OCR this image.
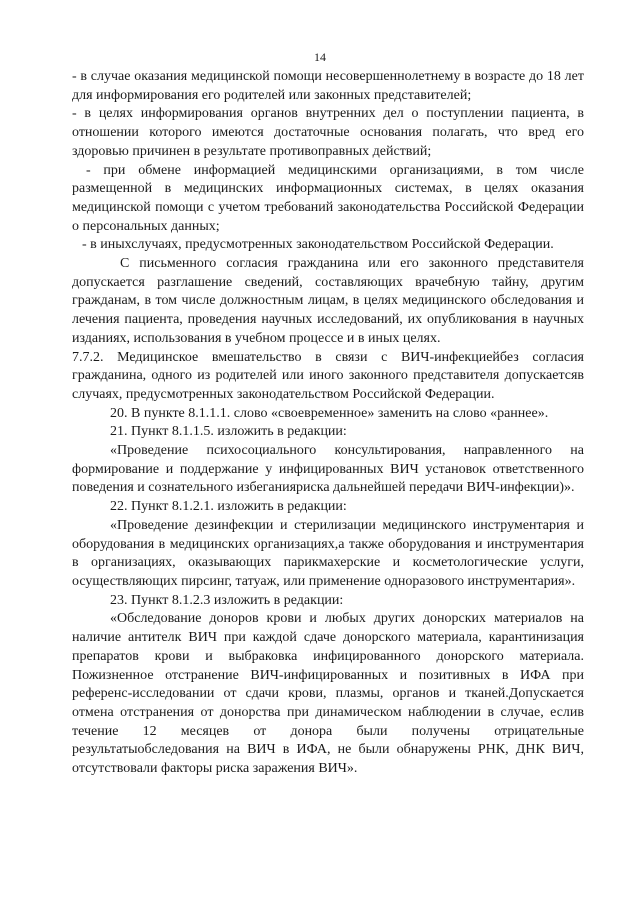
14

- в случае оказания медицинской помощи несовершеннолетнему в возрасте до 18 лет для информирования его родителей или законных представителей;

- в целях информирования органов внутренних дел о поступлении пациента, в отношении которого имеются достаточные основания полагать, что вред его здоровью причинен в результате противоправных действий;

- при обмене информацией медицинскими организациями, в том числе размещенной в медицинских информационных системах, в целях оказания медицинской помощи с учетом требований законодательства Российской Федерации о персональных данных;

- в иныхслучаях, предусмотренных законодательством Российской Федерации.

С письменного согласия гражданина или его законного представителя допускается разглашение сведений, составляющих врачебную тайну, другим гражданам, в том числе должностным лицам, в целях медицинского обследования и лечения пациента, проведения научных исследований, их опубликования в научных изданиях, использования в учебном процессе и в иных целях.

7.7.2. Медицинское вмешательство в связи с ВИЧ-инфекциейбез согласия гражданина, одного из родителей или иного законного представителя допускаетсяв случаях, предусмотренных законодательством Российской Федерации.

20. В пункте 8.1.1.1. слово «своевременное» заменить на слово «раннее».

21. Пункт 8.1.1.5. изложить в редакции:

«Проведение психосоциального консультирования, направленного на формирование и поддержание у инфицированных ВИЧ установок ответственного поведения и сознательного избеганияриска дальнейшей передачи ВИЧ-инфекции)».

22. Пункт 8.1.2.1. изложить в редакции:

«Проведение дезинфекции и стерилизации медицинского инструментария и оборудования в медицинских организациях,а также оборудования и инструментария в организациях, оказывающих парикмахерские и косметологические услуги, осуществляющих пирсинг, татуаж, или применение одноразового инструментария».

23. Пункт 8.1.2.3 изложить в редакции:

«Обследование доноров крови и любых других донорских материалов на наличие антителк ВИЧ при каждой сдаче донорского материала, карантинизация препаратов крови и выбраковка инфицированного донорского материала. Пожизненное отстранение ВИЧ-инфицированных и позитивных в ИФА при референс-исследовании от сдачи крови, плазмы, органов и тканей.Допускается отмена отстранения от донорства при динамическом наблюдении в случае, еслив течение 12 месяцев от донора были получены отрицательные результатыобследования на ВИЧ в ИФА, не были обнаружены РНК, ДНК ВИЧ, отсутствовали факторы риска заражения ВИЧ».
